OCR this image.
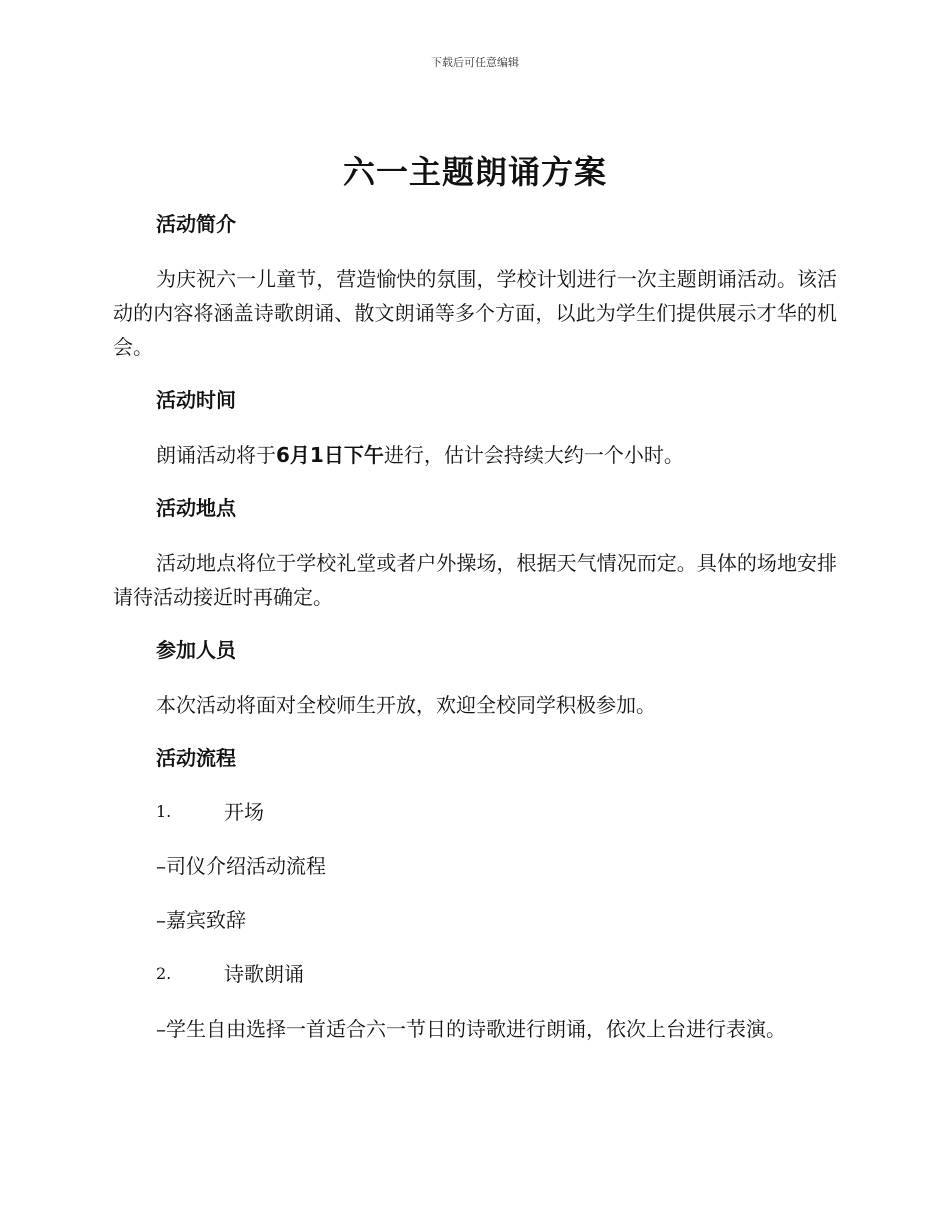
下载后可任意编辑
六一主题朗诵方案
活动简介
为庆祝六一儿童节，营造愉快的氛围，学校计划进行一次主题朗诵活动。该活动的内容将涵盖诗歌朗诵、散文朗诵等多个方面，以此为学生们提供展示才华的机会。
活动时间
朗诵活动将于6月1日下午进行，估计会持续大约一个小时。
活动地点
活动地点将位于学校礼堂或者户外操场，根据天气情况而定。具体的场地安排请待活动接近时再确定。
参加人员
本次活动将面对全校师生开放，欢迎全校同学积极参加。
活动流程
1.	开场
–司仪介绍活动流程
–嘉宾致辞
2.	诗歌朗诵
–学生自由选择一首适合六一节日的诗歌进行朗诵，依次上台进行表演。
